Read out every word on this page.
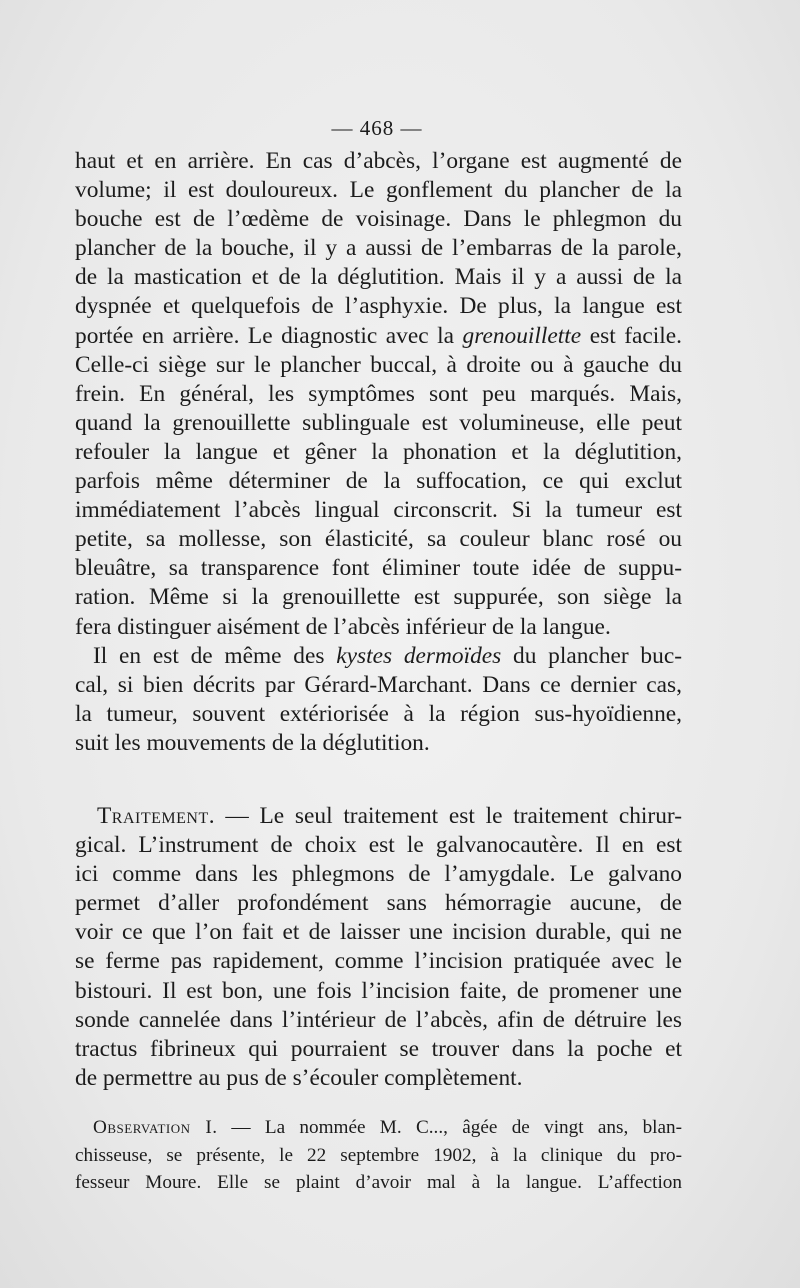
— 468 —

haut et en arrière. En cas d’abcès, l’organe est augmenté de
volume; il est douloureux. Le gonflement du plancher de la
bouche est de l’œdème de voisinage. Dans le phlegmon du
plancher de la bouche, il y a aussi de l’embarras de la parole,
de la mastication et de la déglutition. Mais il y a aussi de la
dyspnée et quelquefois de l’asphyxie. De plus, la langue est
portée en arrière. Le diagnostic avec la grenouillette est facile.
Celle-ci siège sur le plancher buccal, à droite ou à gauche du
frein. En général, les symptômes sont peu marqués. Mais,
quand la grenouillette sublinguale est volumineuse, elle peut
refouler la langue et gêner la phonation et la déglutition,
parfois même déterminer de la suffocation, ce qui exclut
immédiatement l’abcès lingual circonscrit. Si la tumeur est
petite, sa mollesse, son élasticité, sa couleur blanc rosé ou
bleuâtre, sa transparence font éliminer toute idée de suppu-
ration. Même si la grenouillette est suppurée, son siège la
fera distinguer aisément de l’abcès inférieur de la langue.

Il en est de même des kystes dermoïdes du plancher buc-
cal, si bien décrits par Gérard-Marchant. Dans ce dernier cas,
la tumeur, souvent extériorisée à la région sus-hyoïdienne,
suit les mouvements de la déglutition.

Traitement. — Le seul traitement est le traitement chirur-
gical. L’instrument de choix est le galvanocautère. Il en est
ici comme dans les phlegmons de l’amygdale. Le galvano
permet d’aller profondément sans hémorragie aucune, de
voir ce que l’on fait et de laisser une incision durable, qui ne
se ferme pas rapidement, comme l’incision pratiquée avec le
bistouri. Il est bon, une fois l’incision faite, de promener une
sonde cannelée dans l’intérieur de l’abcès, afin de détruire les
tractus fibrineux qui pourraient se trouver dans la poche et
de permettre au pus de s’écouler complètement.

Observation I. — La nommée M. C..., âgée de vingt ans, blan-
chisseuse, se présente, le 22 septembre 1902, à la clinique du pro-
fesseur Moure. Elle se plaint d’avoir mal à la langue. L’affection
